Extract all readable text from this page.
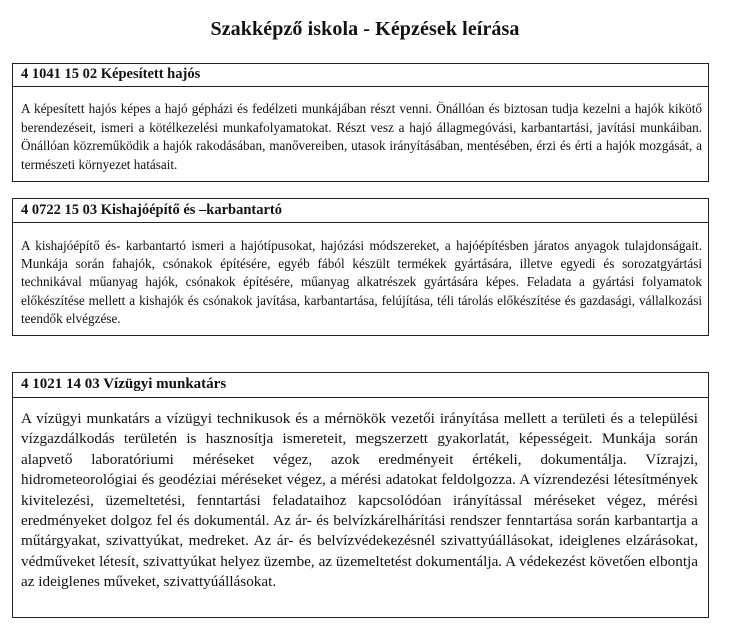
Szakképző iskola - Képzések leírása
4 1041 15 02 Képesített hajós
A képesített hajós képes a hajó gépházi és fedélzeti munkájában részt venni. Önállóan és biztosan tudja kezelni a hajók kikötő berendezéseit, ismeri a kötélkezelési munkafolyamatokat. Részt vesz a hajó állagmegóvási, karbantartási, javítási munkáiban. Önállóan közreműködik a hajók rakodásában, manővereiben, utasok irányításában, mentésében, érzi és érti a hajók mozgását, a természeti környezet hatásait.
4 0722 15 03 Kishajóépítő és –karbantartó
A kishajóépítő és- karbantartó ismeri a hajótípusokat, hajózási módszereket, a hajóépítésben járatos anyagok tulajdonságait. Munkája során fahajók, csónakok építésére, egyéb fából készült termékek gyártására, illetve egyedi és sorozatgyártási technikával műanyag hajók, csónakok építésére, műanyag alkatrészek gyártására képes. Feladata a gyártási folyamatok előkészítése mellett a kishajók és csónakok javítása, karbantartása, felújítása, téli tárolás előkészítése és gazdasági, vállalkozási teendők elvégzése.
4 1021 14 03 Vízügyi munkatárs
A vízügyi munkatárs a vízügyi technikusok és a mérnökök vezetői irányítása mellett a területi és a települési vízgazdálkodás területén is hasznosítja ismereteit, megszerzett gyakorlatát, képességeit. Munkája során alapvető laboratóriumi méréseket végez, azok eredményeit értékeli, dokumentálja. Vízrajzi, hidrometeorológiai és geodéziai méréseket végez, a mérési adatokat feldolgozza. A vízrendezési létesítmények kivitelezési, üzemeltetési, fenntartási feladataihoz kapcsolódóan irányítással méréseket végez, mérési eredményeket dolgoz fel és dokumentál. Az ár- és belvízkárelhárítási rendszer fenntartása során karbantartja a műtárgyakat, szivattyúkat, medreket. Az ár- és belvízvédekezésnél szivattyúállásokat, ideiglenes elzárásokat, védműveket létesít, szivattyúkat helyez üzembe, az üzemeltetést dokumentálja. A védekezést követően elbontja az ideiglenes műveket, szivattyúállásokat.
